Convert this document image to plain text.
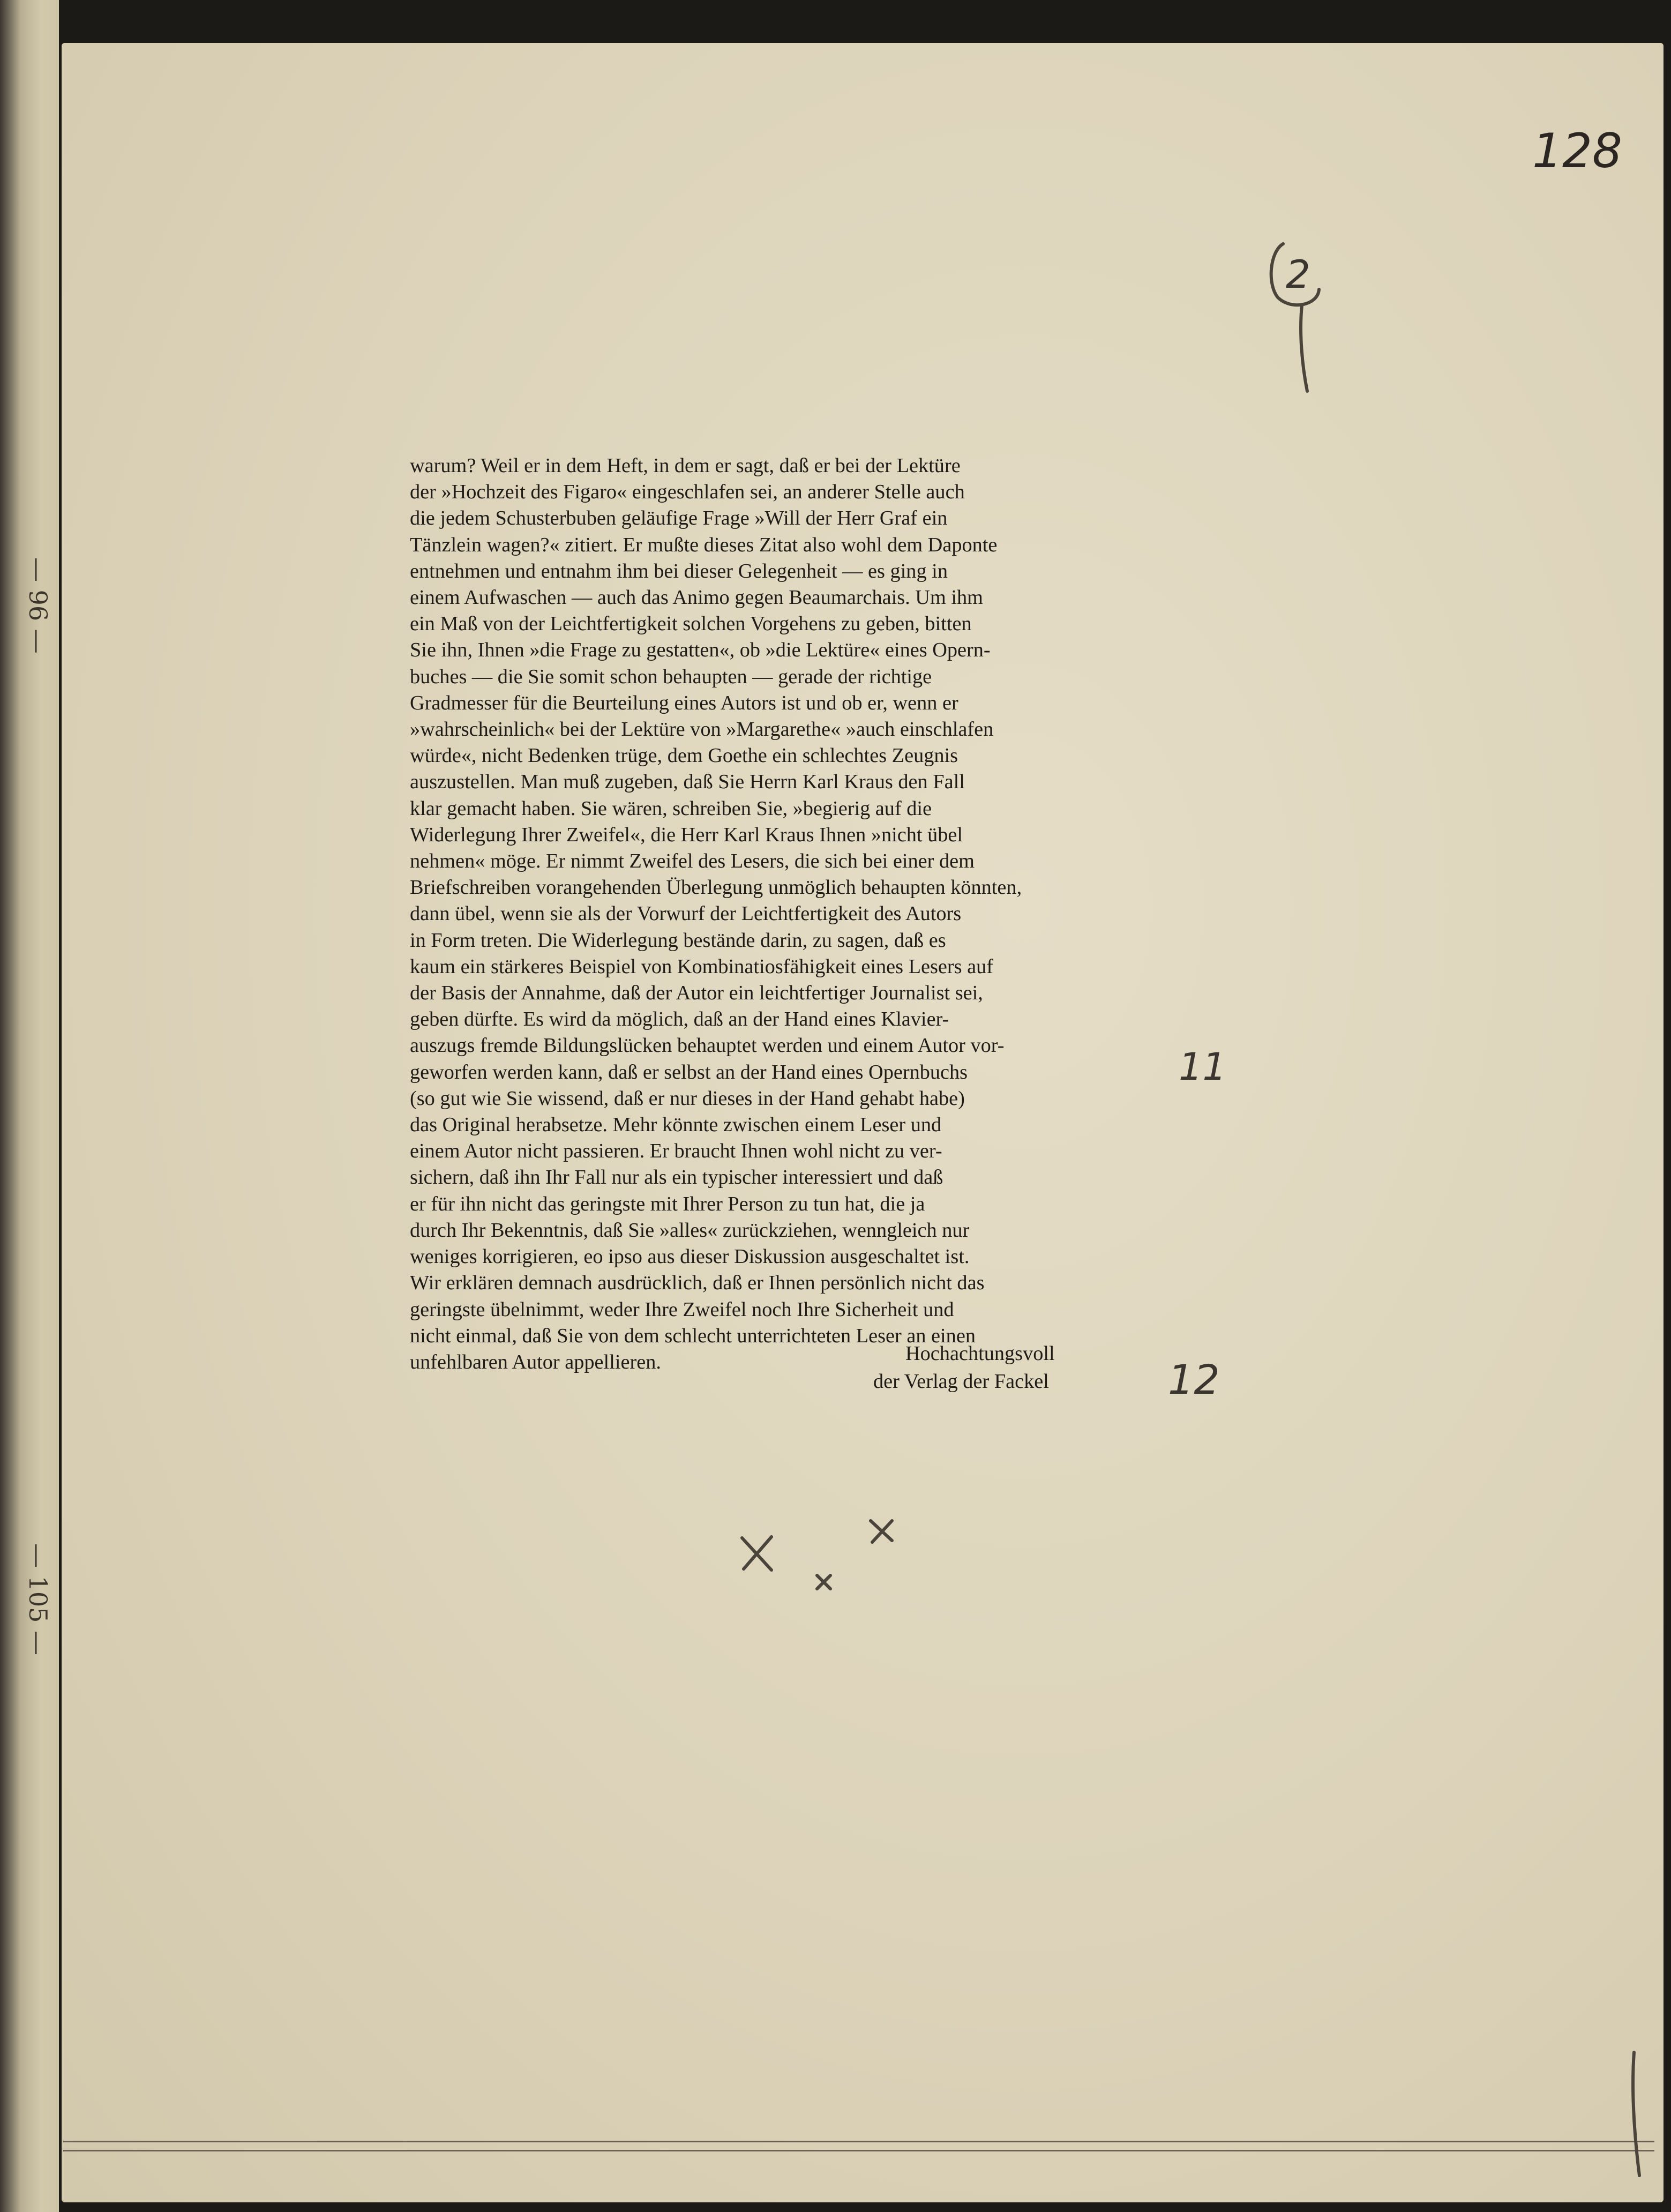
— 96 —
— 105 —
128
2
11
12
warum? Weil er in dem Heft, in dem er sagt, daß er bei der Lektüre
der »Hochzeit des Figaro« eingeschlafen sei, an anderer Stelle auch
die jedem Schusterbuben geläufige Frage »Will der Herr Graf ein
Tänzlein wagen?« zitiert. Er mußte dieses Zitat also wohl dem Daponte
entnehmen und entnahm ihm bei dieser Gelegenheit — es ging in
einem Aufwaschen — auch das Animo gegen Beaumarchais. Um ihm
ein Maß von der Leichtfertigkeit solchen Vorgehens zu geben, bitten
Sie ihn, Ihnen »die Frage zu gestatten«, ob »die Lektüre« eines Opern-
buches — die Sie somit schon behaupten — gerade der richtige
Gradmesser für die Beurteilung eines Autors ist und ob er, wenn er
»wahrscheinlich« bei der Lektüre von »Margarethe« »auch einschlafen
würde«, nicht Bedenken trüge, dem Goethe ein schlechtes Zeugnis
auszustellen. Man muß zugeben, daß Sie Herrn Karl Kraus den Fall
klar gemacht haben. Sie wären, schreiben Sie, »begierig auf die
Widerlegung Ihrer Zweifel«, die Herr Karl Kraus Ihnen »nicht übel
nehmen« möge. Er nimmt Zweifel des Lesers, die sich bei einer dem
Briefschreiben vorangehenden Überlegung unmöglich behaupten könnten,
dann übel, wenn sie als der Vorwurf der Leichtfertigkeit des Autors
in Form treten. Die Widerlegung bestände darin, zu sagen, daß es
kaum ein stärkeres Beispiel von Kombinatiosfähigkeit eines Lesers auf
der Basis der Annahme, daß der Autor ein leichtfertiger Journalist sei,
geben dürfte. Es wird da möglich, daß an der Hand eines Klavier-
auszugs fremde Bildungslücken behauptet werden und einem Autor vor-
geworfen werden kann, daß er selbst an der Hand eines Opernbuchs
(so gut wie Sie wissend, daß er nur dieses in der Hand gehabt habe)
das Original herabsetze. Mehr könnte zwischen einem Leser und
einem Autor nicht passieren. Er braucht Ihnen wohl nicht zu ver-
sichern, daß ihn Ihr Fall nur als ein typischer interessiert und daß
er für ihn nicht das geringste mit Ihrer Person zu tun hat, die ja
durch Ihr Bekenntnis, daß Sie »alles« zurückziehen, wenngleich nur
weniges korrigieren, eo ipso aus dieser Diskussion ausgeschaltet ist.
Wir erklären demnach ausdrücklich, daß er Ihnen persönlich nicht das
geringste übelnimmt, weder Ihre Zweifel noch Ihre Sicherheit und
nicht einmal, daß Sie von dem schlecht unterrichteten Leser an einen
unfehlbaren Autor appellieren.	Hochachtungsvoll
der Verlag der Fackel
